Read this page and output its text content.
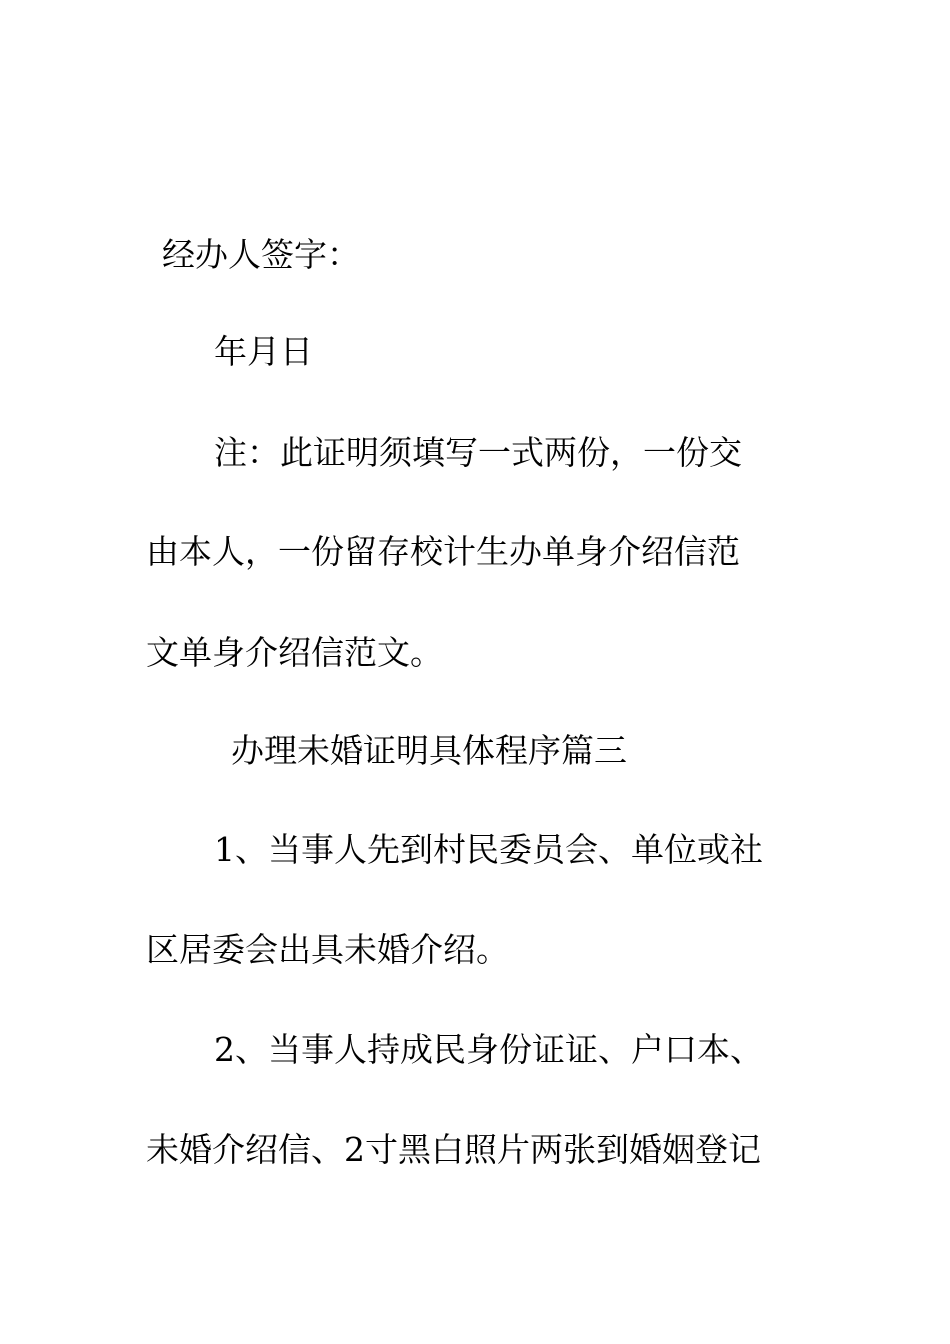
经办人签字：
年月日
注：此证明须填写一式两份，一份交
由本人，一份留存校计生办单身介绍信范
文单身介绍信范文。
办理未婚证明具体程序篇三
1、当事人先到村民委员会、单位或社
区居委会出具未婚介绍。
2、当事人持成民身份证证、户口本、
未婚介绍信、2寸黑白照片两张到婚姻登记
